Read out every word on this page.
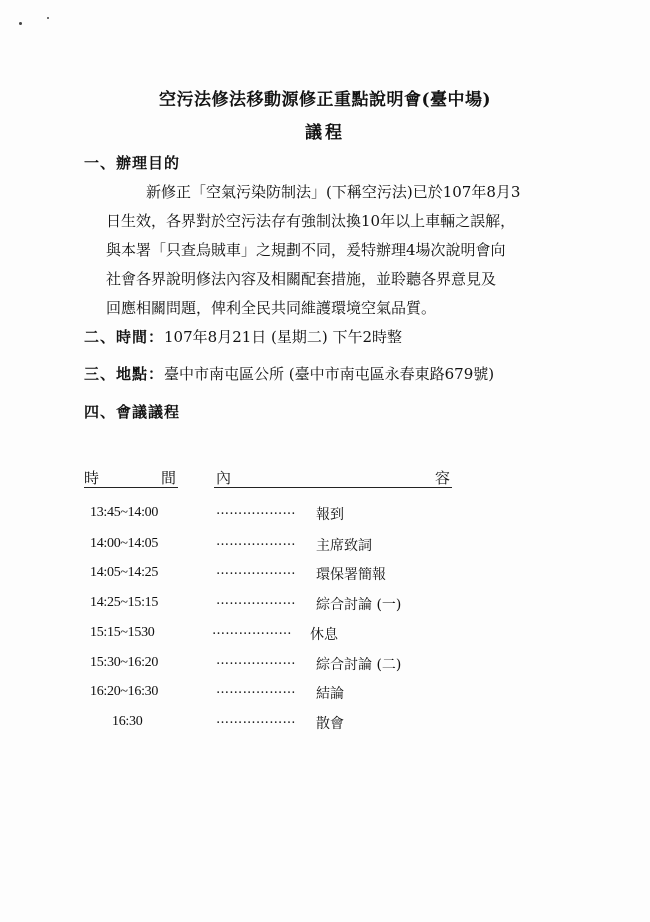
空污法修法移動源修正重點說明會(臺中場)
議程
一、辦理目的
新修正「空氣污染防制法」(下稱空污法)已於107年8月3
日生效，各界對於空污法存有強制汰換10年以上車輛之誤解，
與本署「只查烏賊車」之規劃不同，爰特辦理4場次說明會向
社會各界說明修法內容及相關配套措施，並聆聽各界意見及
回應相關問題，俾利全民共同維護環境空氣品質。
二、時間：107年8月21日 (星期二) 下午2時整
三、地點：臺中市南屯區公所 (臺中市南屯區永春東路679號)
四、會議議程
時	間	內	容
13:45~14:00	……………… 報到
14:00~14:05	……………… 主席致詞
14:05~14:25	……………… 環保署簡報
14:25~15:15	……………… 綜合討論 (一)
15:15~1530	……………… 休息
15:30~16:20	……………… 綜合討論 (二)
16:20~16:30	……………… 結論
16:30	……………… 散會
